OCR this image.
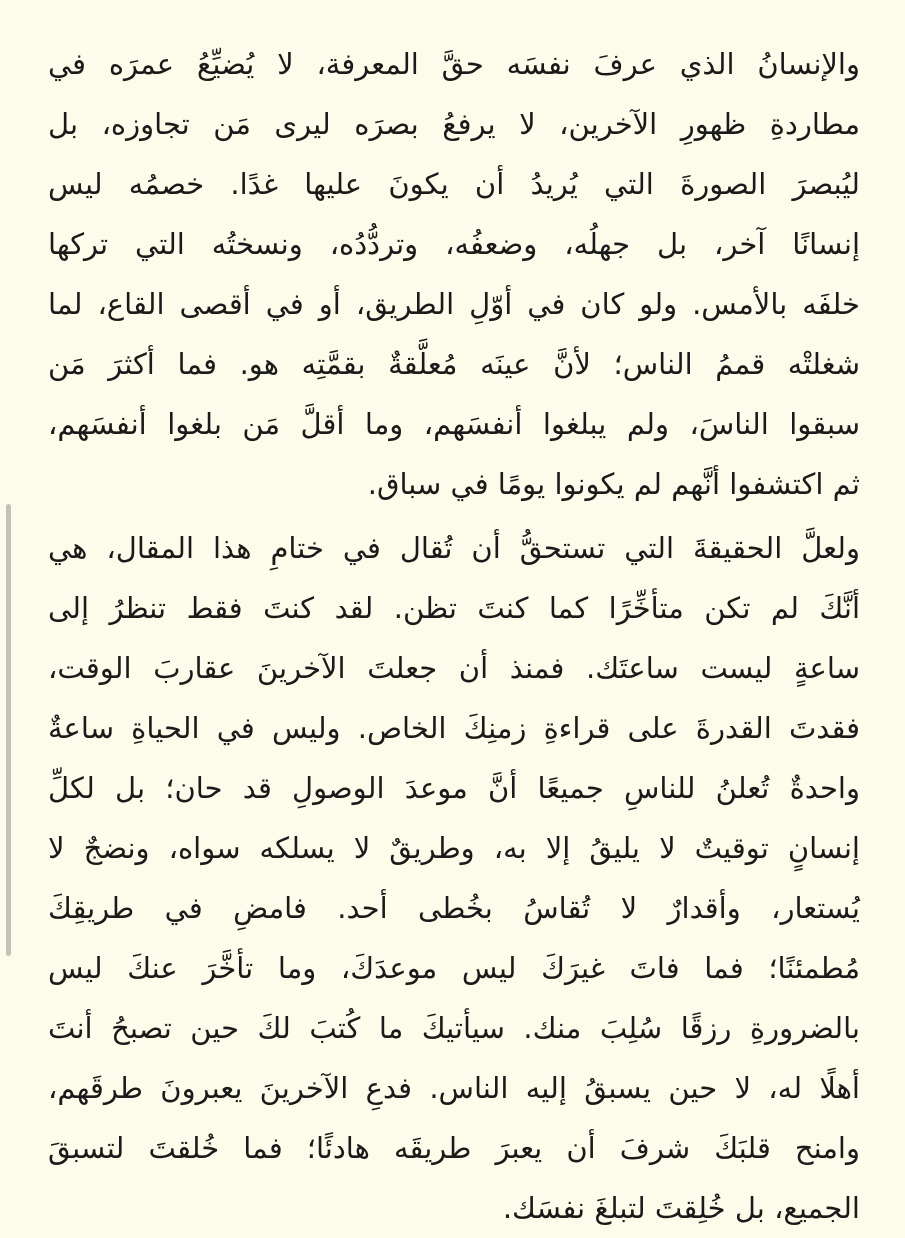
والإنسانُ الذي عرفَ نفسَه حقَّ المعرفة، لا يُضيِّعُ عمرَه في
مطاردةِ ظهورِ الآخرين، لا يرفعُ بصرَه ليرى مَن تجاوزه، بل
ليُبصرَ الصورةَ التي يُريدُ أن يكونَ عليها غدًا. خصمُه ليس
إنسانًا آخر، بل جهلُه، وضعفُه، وتردُّدُه، ونسختُه التي تركها
خلفَه بالأمس. ولو كان في أوّلِ الطريق، أو في أقصى القاع، لما
شغلتْه قممُ الناس؛ لأنَّ عينَه مُعلَّقةٌ بقمَّتِه هو. فما أكثرَ مَن
سبقوا الناسَ، ولم يبلغوا أنفسَهم، وما أقلَّ مَن بلغوا أنفسَهم،
ثم اكتشفوا أنَّهم لم يكونوا يومًا في سباق.
ولعلَّ الحقيقةَ التي تستحقُّ أن تُقال في ختامِ هذا المقال، هي
أنَّكَ لم تكن متأخِّرًا كما كنتَ تظن. لقد كنتَ فقط تنظرُ إلى
ساعةٍ ليست ساعتَك. فمنذ أن جعلتَ الآخرينَ عقاربَ الوقت،
فقدتَ القدرةَ على قراءةِ زمنِكَ الخاص. وليس في الحياةِ ساعةٌ
واحدةٌ تُعلنُ للناسِ جميعًا أنَّ موعدَ الوصولِ قد حان؛ بل لكلِّ
إنسانٍ توقيتٌ لا يليقُ إلا به، وطريقٌ لا يسلكه سواه، ونضجٌ لا
يُستعار، وأقدارٌ لا تُقاسُ بخُطى أحد. فامضِ في طريقِكَ
مُطمئنًا؛ فما فاتَ غيرَكَ ليس موعدَكَ، وما تأخَّرَ عنكَ ليس
بالضرورةِ رزقًا سُلِبَ منك. سيأتيكَ ما كُتبَ لكَ حين تصبحُ أنتَ
أهلًا له، لا حين يسبقُ إليه الناس. فدعِ الآخرينَ يعبرونَ طرقَهم،
وامنح قلبَكَ شرفَ أن يعبرَ طريقَه هادئًا؛ فما خُلقتَ لتسبقَ
الجميع، بل خُلِقتَ لتبلغَ نفسَك.
